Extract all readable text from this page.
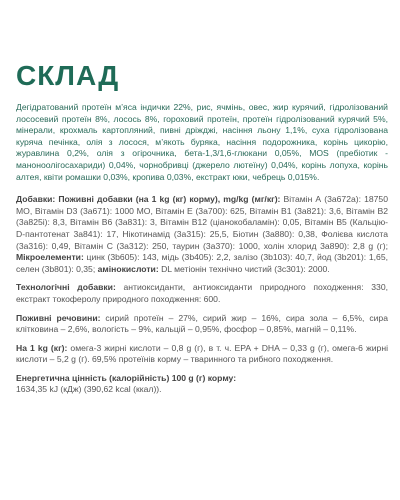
СКЛАД

Дегідратований протеїн м’яса індички 22%, рис, ячмінь, овес, жир курячий, гідролізований лососевий протеїн 8%, лосось 8%, гороховий протеїн, протеїн гідролізований курячий 5%, мінерали, крохмаль картопляний, пивні дріжджі, насіння льону 1,1%, суха гідролізована куряча печінка, олія з лосося, м’якоть буряка, насіння подорожника, корінь цикорію, журавлина 0,2%, олія з огірочника, бета-1,3/1,6-глюкани 0,05%, MOS (пребіотик - маноноолігосахариди) 0,04%, чорнобривці (джерело лютеїну) 0,04%, корінь лопуха, корінь алтея, квіти ромашки 0,03%, кропива 0,03%, екстракт юки, чебрець 0,015%.

Добавки: Поживні добавки (на 1 kg (кг) корму), mg/kg (мг/кг): Вітамін А (3а672а): 18750 МО, Вітамін D3 (3а671): 1000 МО, Вітамін Е (3а700): 625, Вітамін В1 (3а821): 3,6, Вітамін В2 (3а825i): 8,3, Вітамін В6 (3а831): 3, Вітамін В12 (ціанокобаламін): 0,05, Вітамін В5 (Кальцію-D-пантотенат 3а841): 17, Нікотинамід (3а315): 25,5, Біотин (3а880): 0,38, Фолієва кислота (3а316): 0,49, Вітамін С (3а312): 250, таурин (3а370): 1000, холін хлорид 3а890): 2,8 g (г); Мікроелементи: цинк (3b605): 143, мідь (3b405): 2,2, залізо (3b103): 40,7, йод (3b201): 1,65, селен (3b801): 0,35; амінокислоти: DL метіонін технічно чистий (3с301): 2000.

Технологічні добавки: антиоксиданти, антиоксиданти природного походження: 330, екстракт токоферолу природного походження: 600.

Поживні речовини: сирий протеїн – 27%, сирий жир – 16%, сира зола – 6,5%, сира клітковина – 2,6%, вологість – 9%, кальцій – 0,95%, фосфор – 0,85%, магній – 0,11%.

На 1 kg (кг): омега-3 жирні кислоти – 0,8 g (г), в т. ч. EPA + DHA – 0,33 g (г), омега-6 жирні кислоти – 5,2 g (г). 69,5% протеїнів корму – тваринного та рибного походження.

Енергетична цінність (калорійність) 100 g (г) корму:

1634,35 kJ (кДж) (390,62 kcal (ккал)).
